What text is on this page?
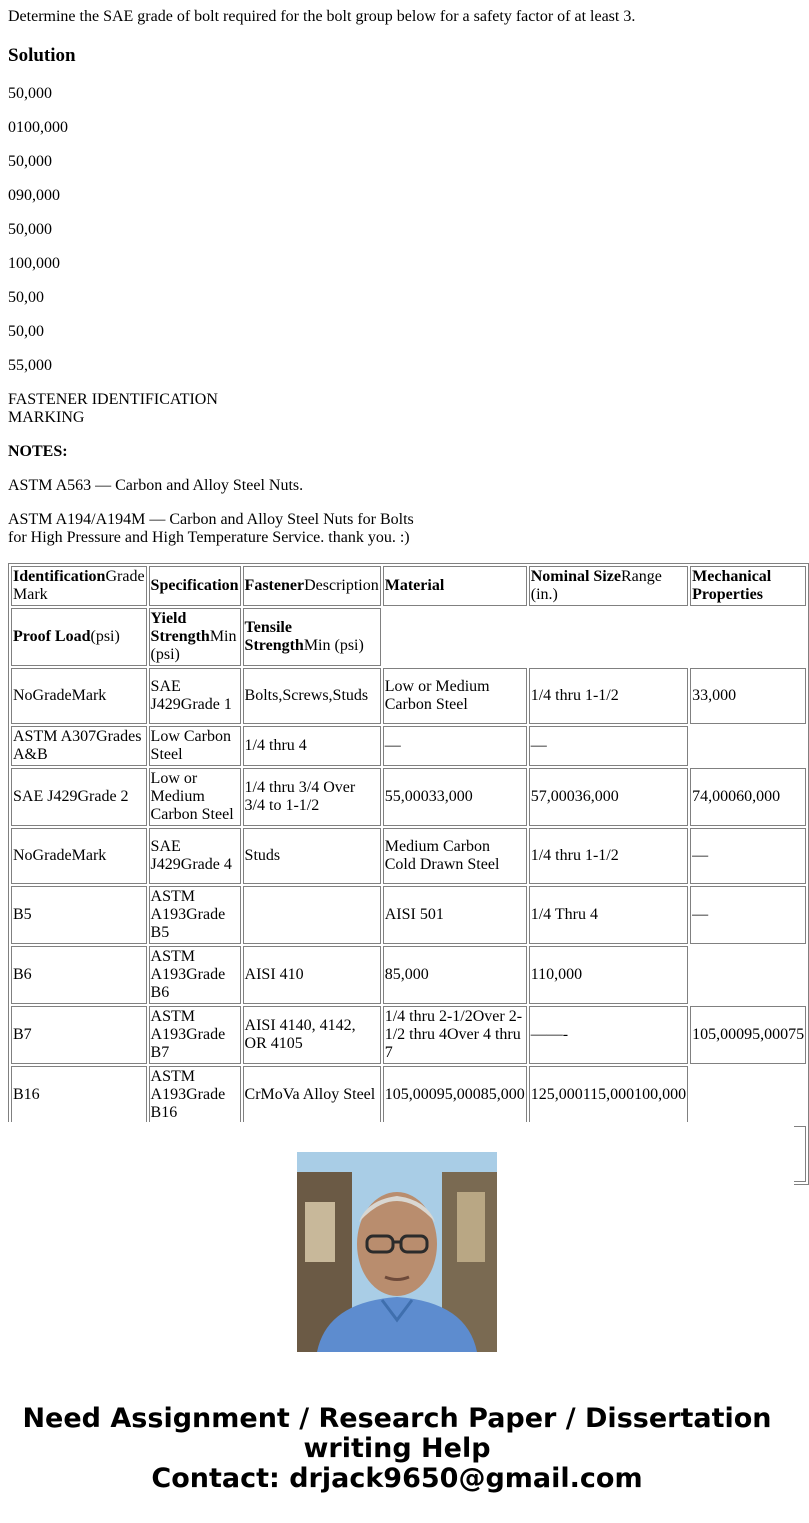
Determine the SAE grade of bolt required for the bolt group below for a safety factor of at least 3.

Solution

50,000

0100,000

50,000

090,000

50,000

100,000

50,00

50,00

55,000

FASTENER IDENTIFICATION
MARKING

NOTES:

ASTM A563 — Carbon and Alloy Steel Nuts.

ASTM A194/A194M — Carbon and Alloy Steel Nuts for Bolts
for High Pressure and High Temperature Service. thank you. :)

IdentificationGrade Mark	Specification	FastenerDescription	Material	Nominal SizeRange (in.)	Mechanical Properties
Proof Load(psi)	Yield StrengthMin (psi)	Tensile StrengthMin (psi)			
NoGradeMark	SAE J429Grade 1	Bolts,Screws,Studs	Low or Medium Carbon Steel	1/4 thru 1-1/2	33,000
ASTM A307Grades A&B	Low Carbon Steel	1/4 thru 4	—	—	
SAE J429Grade 2	Low or Medium Carbon Steel	1/4 thru 3/4 Over 3/4 to 1-1/2	55,00033,000	57,00036,000	74,00060,000
NoGradeMark	SAE J429Grade 4	Studs	Medium Carbon Cold Drawn Steel	1/4 thru 1-1/2	—
B5	ASTM A193Grade B5		AISI 501	1/4 Thru 4	—
B6	ASTM A193Grade B6	AISI 410	85,000	110,000	
B7	ASTM A193Grade B7	AISI 4140, 4142, OR 4105	1/4 thru 2-1/2Over 2-1/2 thru 4Over 4 thru 7	——-	105,00095,00075
B16	ASTM A193Grade B16	CrMoVa Alloy Steel	105,00095,00085,000	125,000115,000100,000	

Need Assignment / Research Paper / Dissertation
writing Help
Contact: drjack9650@gmail.com
